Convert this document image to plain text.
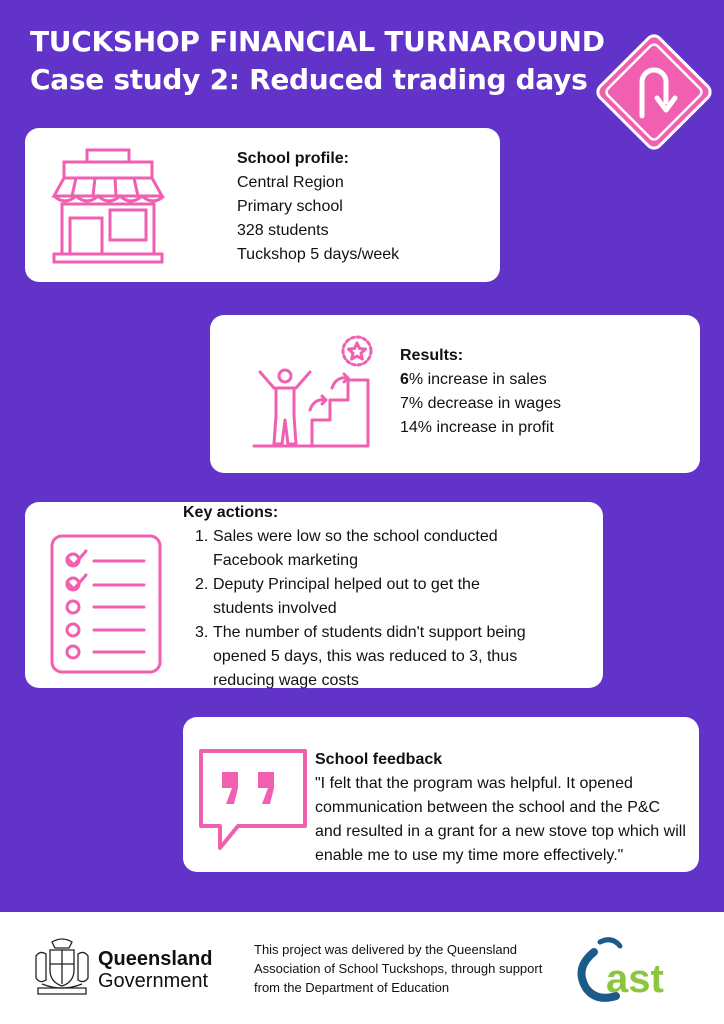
TUCKSHOP FINANCIAL TURNAROUND
Case study 2: Reduced trading days
School profile:
Central Region
Primary school
328 students
Tuckshop 5 days/week
Results:
6% increase in sales
7% decrease in wages
14% increase in profit
Key actions:
1. Sales were low so the school conducted Facebook marketing
2. Deputy Principal helped out to get the students involved
3. The number of students didn't support being opened 5 days, this was reduced to 3, thus reducing wage costs
School feedback
"I felt that the program was helpful. It opened communication between the school and the P&C and resulted in a grant for a new stove top which will enable me to use my time more effectively."
Queensland
Government
This project was delivered by the Queensland Association of School Tuckshops, through support from the Department of Education	ast
